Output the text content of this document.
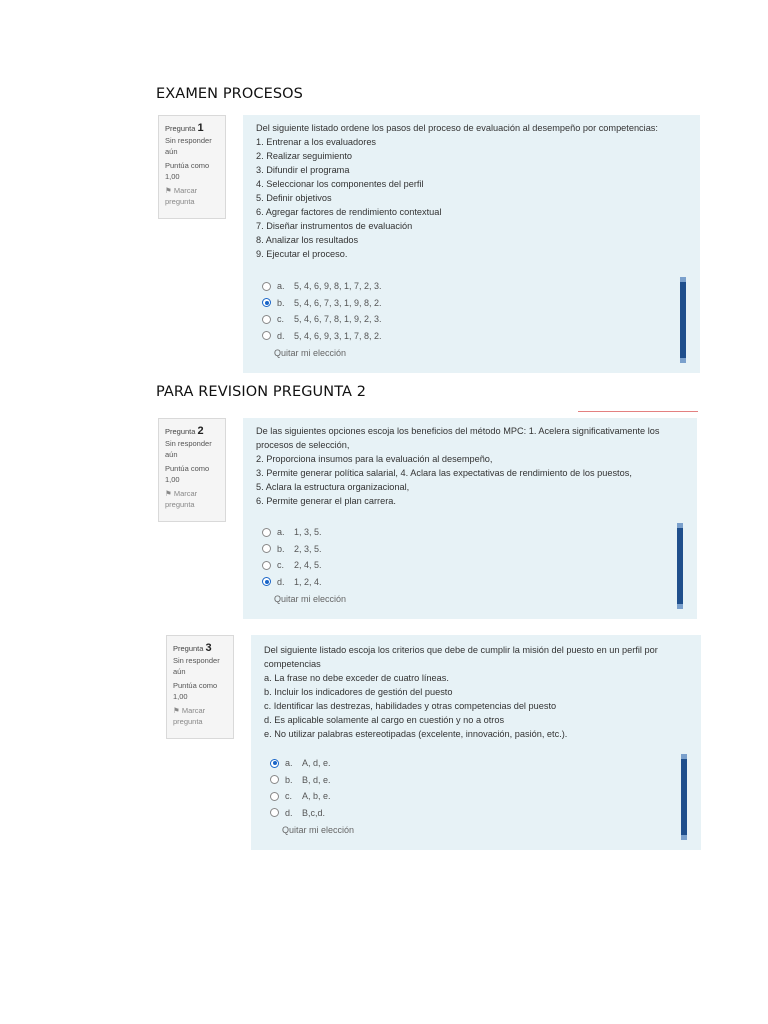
EXAMEN PROCESOS
PARA REVISION PREGUNTA 2
Pregunta 1
Sin responder
aún
Puntúa como
1,00
⚑ Marcar
pregunta
Del siguiente listado ordene los pasos del proceso de evaluación al desempeño por competencias:
1. Entrenar a los evaluadores
2. Realizar seguimiento
3. Difundir el programa
4. Seleccionar los componentes del perfil
5. Definir objetivos
6. Agregar factores de rendimiento contextual
7. Diseñar instrumentos de evaluación
8. Analizar los resultados
9. Ejecutar el proceso.
a.	5, 4, 6, 9, 8, 1, 7, 2, 3.
b.	5, 4, 6, 7, 3, 1, 9, 8, 2.
c.	5, 4, 6, 7, 8, 1, 9, 2, 3.
d.	5, 4, 6, 9, 3, 1, 7, 8, 2.
Quitar mi elección
Pregunta 2
Sin responder
aún
Puntúa como
1,00
⚑ Marcar
pregunta
De las siguientes opciones escoja los beneficios del método MPC: 1. Acelera significativamente los
procesos de selección,
2. Proporciona insumos para la evaluación al desempeño,
3. Permite generar política salarial, 4. Aclara las expectativas de rendimiento de los puestos,
5. Aclara la estructura organizacional,
6. Permite generar el plan carrera.
a.	1, 3, 5.
b.	2, 3, 5.
c.	2, 4, 5.
d.	1, 2, 4.
Quitar mi elección
Pregunta 3
Sin responder
aún
Puntúa como
1,00
⚑ Marcar
pregunta
Del siguiente listado escoja los criterios que debe de cumplir la misión del puesto en un perfil por
competencias
a. La frase no debe exceder de cuatro líneas.
b. Incluir los indicadores de gestión del puesto
c. Identificar las destrezas, habilidades y otras competencias del puesto
d. Es aplicable solamente al cargo en cuestión y no a otros
e. No utilizar palabras estereotipadas (excelente, innovación, pasión, etc.).
a.	A, d, e.
b.	B, d, e.
c.	A, b, e.
d.	B,c,d.
Quitar mi elección
